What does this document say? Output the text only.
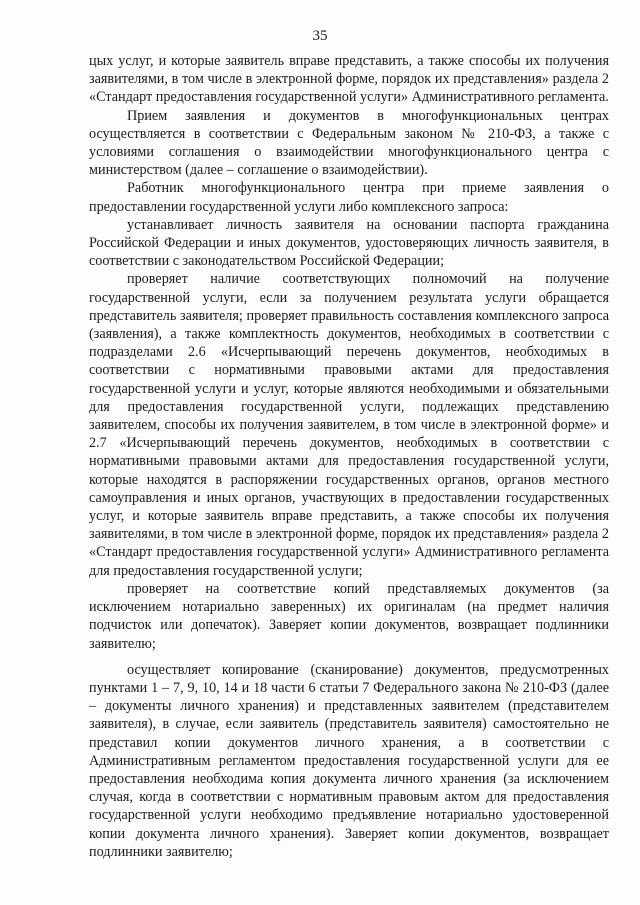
35

цых услуг, и которые заявитель вправе представить, а также способы их получения заявителями, в том числе в электронной форме, порядок их представления» раздела 2 «Стандарт предоставления государственной услуги» Административного регламента.

Прием заявления и документов в многофункциональных центрах осуществляется в соответствии с Федеральным законом № 210-ФЗ, а также с условиями соглашения о взаимодействии многофункционального центра с министерством (далее – соглашение о взаимодействии).

Работник многофункционального центра при приеме заявления о предоставлении государственной услуги либо комплексного запроса:

устанавливает личность заявителя на основании паспорта гражданина Российской Федерации и иных документов, удостоверяющих личность заявителя, в соответствии с законодательством Российской Федерации;

проверяет наличие соответствующих полномочий на получение государственной услуги, если за получением результата услуги обращается представитель заявителя; проверяет правильность составления комплексного запроса (заявления), а также комплектность документов, необходимых в соответствии с подразделами 2.6 «Исчерпывающий перечень документов, необходимых в соответствии с нормативными правовыми актами для предоставления государственной услуги и услуг, которые являются необходимыми и обязательными для предоставления государственной услуги, подлежащих представлению заявителем, способы их получения заявителем, в том числе в электронной форме» и 2.7 «Исчерпывающий перечень документов, необходимых в соответствии с нормативными правовыми актами для предоставления государственной услуги, которые находятся в распоряжении государственных органов, органов местного самоуправления и иных органов, участвующих в предоставлении государственных услуг, и которые заявитель вправе представить, а также способы их получения заявителями, в том числе в электронной форме, порядок их представления» раздела 2 «Стандарт предоставления государственной услуги» Административного регламента для предоставления государственной услуги;

проверяет на соответствие копий представляемых документов (за исключением нотариально заверенных) их оригиналам (на предмет наличия подчисток или допечаток). Заверяет копии документов, возвращает подлинники заявителю;

осуществляет копирование (сканирование) документов, предусмотренных пунктами 1 – 7, 9, 10, 14 и 18 части 6 статьи 7 Федерального закона № 210-ФЗ (далее – документы личного хранения) и представленных заявителем (представителем заявителя), в случае, если заявитель (представитель заявителя) самостоятельно не представил копии документов личного хранения, а в соответствии с Административным регламентом предоставления государственной услуги для ее предоставления необходима копия документа личного хранения (за исключением случая, когда в соответствии с нормативным правовым актом для предоставления государственной услуги необходимо предъявление нотариально удостоверенной копии документа личного хранения). Заверяет копии документов, возвращает подлинники заявителю;
